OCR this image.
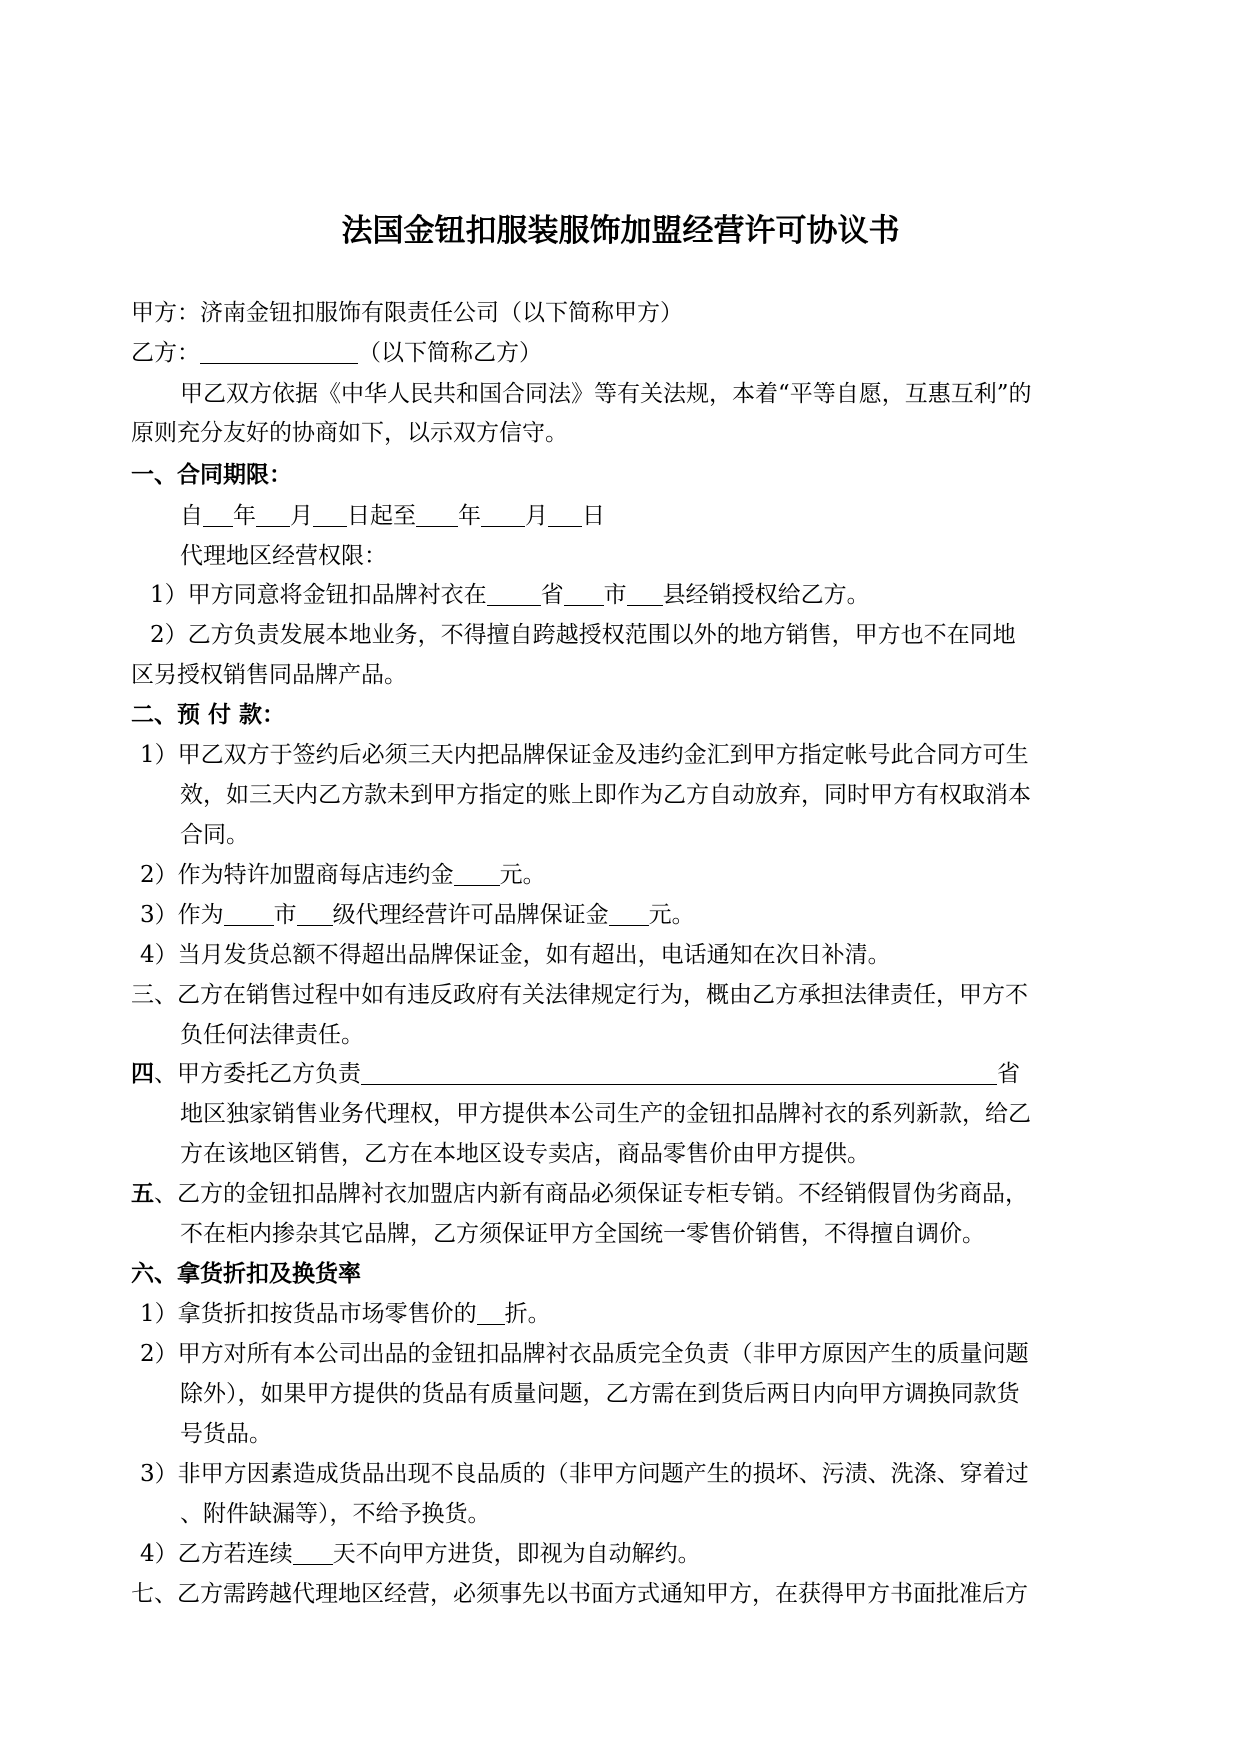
法国金钮扣服装服饰加盟经营许可协议书
甲方：济南金钮扣服饰有限责任公司（以下简称甲方）
乙方：	（以下简称乙方）
甲乙双方依据《中华人民共和国合同法》等有关法规，本着“平等自愿，互惠互利”的
原则充分友好的协商如下，以示双方信守。
一、合同期限：
自 年 月 日起至 年 月 日
代理地区经营权限：
1）甲方同意将金钮扣品牌衬衣在 省 市 县经销授权给乙方。
2）乙方负责发展本地业务，不得擅自跨越授权范围以外的地方销售，甲方也不在同地
区另授权销售同品牌产品。
二、预 付 款：
1）甲乙双方于签约后必须三天内把品牌保证金及违约金汇到甲方指定帐号此合同方可生
效，如三天内乙方款未到甲方指定的账上即作为乙方自动放弃，同时甲方有权取消本
合同。
2）作为特许加盟商每店违约金 元。
3）作为 市 级代理经营许可品牌保证金 元。
4）当月发货总额不得超出品牌保证金，如有超出，电话通知在次日补清。
三、乙方在销售过程中如有违反政府有关法律规定行为，概由乙方承担法律责任，甲方不
负任何法律责任。
四、甲方委托乙方负责	省
地区独家销售业务代理权，甲方提供本公司生产的金钮扣品牌衬衣的系列新款，给乙
方在该地区销售，乙方在本地区设专卖店，商品零售价由甲方提供。
五、乙方的金钮扣品牌衬衣加盟店内新有商品必须保证专柜专销。不经销假冒伪劣商品，
不在柜内掺杂其它品牌，乙方须保证甲方全国统一零售价销售，不得擅自调价。
六、拿货折扣及换货率
1）拿货折扣按货品市场零售价的 折。
2）甲方对所有本公司出品的金钮扣品牌衬衣品质完全负责（非甲方原因产生的质量问题
除外），如果甲方提供的货品有质量问题，乙方需在到货后两日内向甲方调换同款货
号货品。
3）非甲方因素造成货品出现不良品质的（非甲方问题产生的损坏、污渍、洗涤、穿着过
、附件缺漏等），不给予换货。
4）乙方若连续 天不向甲方进货，即视为自动解约。
七、乙方需跨越代理地区经营，必须事先以书面方式通知甲方，在获得甲方书面批准后方
